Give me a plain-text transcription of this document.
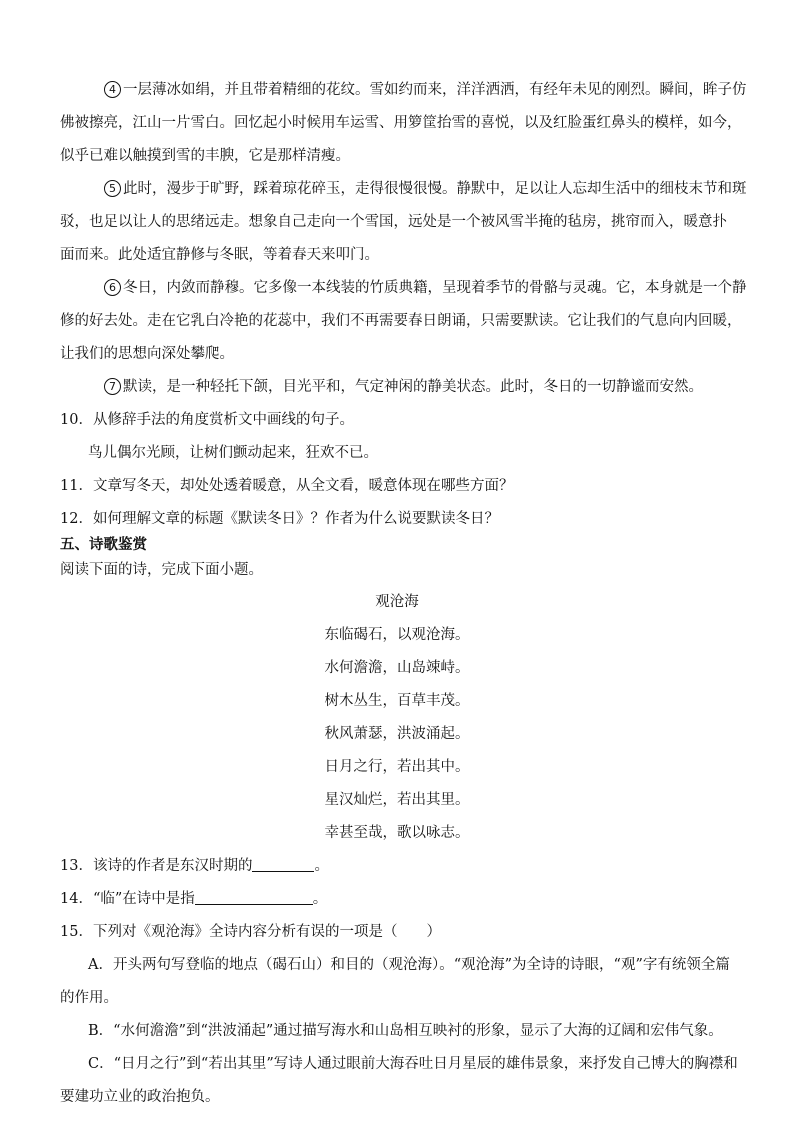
4 一层薄冰如绢，并且带着精细的花纹。雪如约而来，洋洋洒洒，有经年未见的刚烈。瞬间，眸子仿
佛被擦亮，江山一片雪白。回忆起小时候用车运雪、用箩筐抬雪的喜悦，以及红脸蛋红鼻头的模样，如今，
似乎已难以触摸到雪的丰腴，它是那样清瘦。
5 此时，漫步于旷野，踩着琼花碎玉，走得很慢很慢。静默中，足以让人忘却生活中的细枝末节和斑
驳，也足以让人的思绪远走。想象自己走向一个雪国，远处是一个被风雪半掩的毡房，挑帘而入，暖意扑
面而来。此处适宜静修与冬眠，等着春天来叩门。
6 冬日，内敛而静穆。它多像一本线装的竹质典籍，呈现着季节的骨骼与灵魂。它，本身就是一个静
修的好去处。走在它乳白冷艳的花蕊中，我们不再需要春日朗诵，只需要默读。它让我们的气息向内回暖，
让我们的思想向深处攀爬。
7 默读，是一种轻托下颌，目光平和，气定神闲的静美状态。此时，冬日的一切静谧而安然。
10．从修辞手法的角度赏析文中画线的句子。
鸟儿偶尔光顾，让树们颤动起来，狂欢不已。
11．文章写冬天，却处处透着暖意，从全文看，暖意体现在哪些方面？
12．如何理解文章的标题《默读冬日》？作者为什么说要默读冬日？
五、诗歌鉴赏
阅读下面的诗，完成下面小题。
观沧海
东临碣石，以观沧海。
水何澹澹，山岛竦峙。
树木丛生，百草丰茂。
秋风萧瑟，洪波涌起。
日月之行，若出其中。
星汉灿烂，若出其里。
幸甚至哉，歌以咏志。
13．该诗的作者是东汉时期的	。
14．“临”在诗中是指	。
15．下列对《观沧海》全诗内容分析有误的一项是（　　）
A．开头两句写登临的地点（碣石山）和目的（观沧海）。“观沧海”为全诗的诗眼，“观”字有统领全篇
的作用。
B．“水何澹澹”到“洪波涌起”通过描写海水和山岛相互映衬的形象，显示了大海的辽阔和宏伟气象。
C．“日月之行”到“若出其里”写诗人通过眼前大海吞吐日月星辰的雄伟景象，来抒发自己博大的胸襟和
要建功立业的政治抱负。
